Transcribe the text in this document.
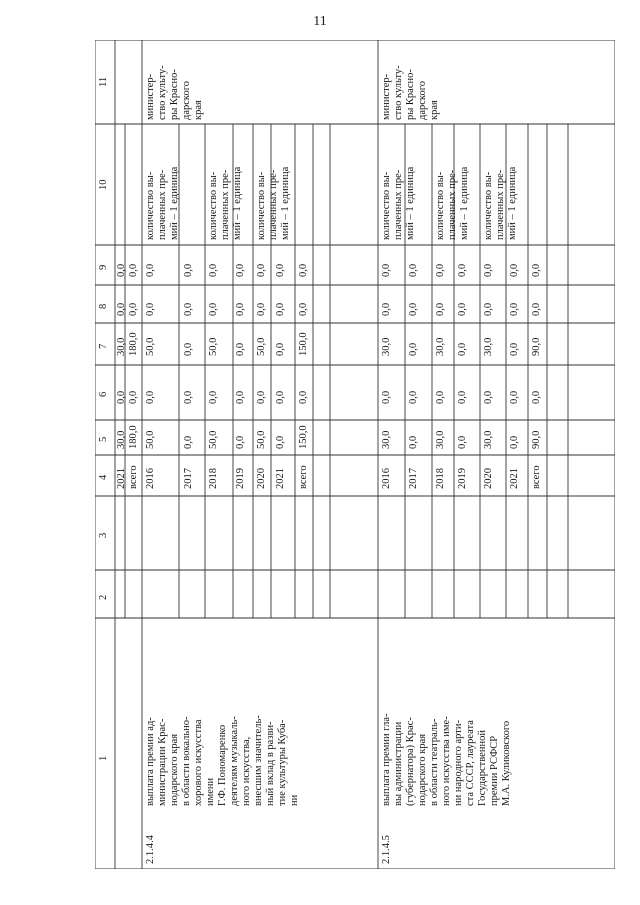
11
1
2
3
4
5
6
7
8
9
10
11
2021
30,0
0,0
30,0
0,0
0,0
всего
180,0
0,0
180,0
0,0
0,0
2016
50,0
0,0
50,0
0,0
0,0
количество вы-
плаченных пре-
мий – 1 единица
2017
0,0
0,0
0,0
0,0
0,0
2018
50,0
0,0
50,0
0,0
0,0
количество вы-
плаченных пре-
мий – 1 единица
2019
0,0
0,0
0,0
0,0
0,0
2020
50,0
0,0
50,0
0,0
0,0
количество вы-
плаченных пре-
мий – 1 единица
2021
0,0
0,0
0,0
0,0
0,0
всего
150,0
0,0
150,0
0,0
0,0
2.1.4.4
выплата премии ад-
министрации Крас-
нодарского края
в области вокально-
хорового искусства
имени
Г.Ф. Пономаренко
деятелям музыкаль-
ного искусства,
внесшим значитель-
ный вклад в разви-
тие культуры Куба-
ни
министер-
ство культу-
ры Красно-
дарского
края
2016
30,0
0,0
30,0
0,0
0,0
количество вы-
плаченных пре-
мий – 1 единица
2017
0,0
0,0
0,0
0,0
0,0
2018
30,0
0,0
30,0
0,0
0,0
количество вы-
плаченных пре-
мий – 1 единица
2019
0,0
0,0
0,0
0,0
0,0
2020
30,0
0,0
30,0
0,0
0,0
количество вы-
плаченных пре-
мий – 1 единица
2021
0,0
0,0
0,0
0,0
0,0
всего
90,0
0,0
90,0
0,0
0,0
2.1.4.5
выплата премии гла-
вы администрации
(губернатора) Крас-
нодарского края
в области театраль-
ного искусства име-
ни народного арти-
ста СССР, лауреата
Государственной
премии РСФСР
М.А. Куликовского
министер-
ство культу-
ры Красно-
дарского
края
